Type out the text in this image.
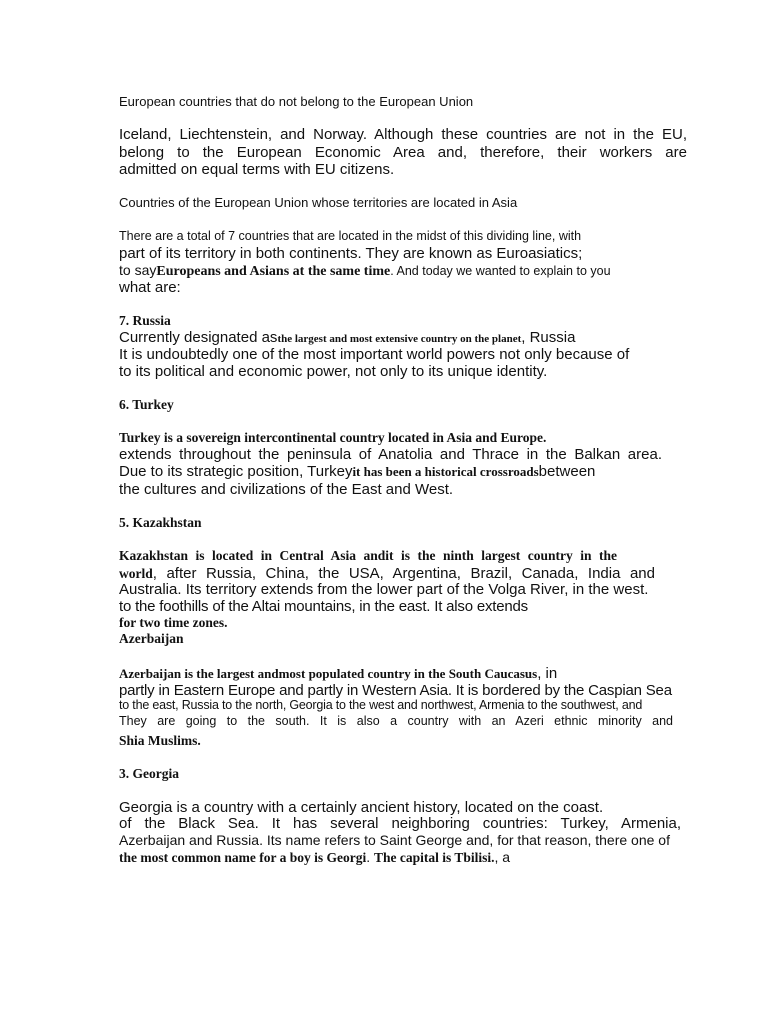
European countries that do not belong to the European Union
Iceland, Liechtenstein, and Norway. Although these countries are not in the EU,
belong to the European Economic Area and, therefore, their workers are
admitted on equal terms with EU citizens.
Countries of the European Union whose territories are located in Asia
There are a total of 7 countries that are located in the midst of this dividing line, with
part of its territory in both continents. They are known as Euroasiatics;
to sayEuropeans and Asians at the same time. And today we wanted to explain to you
what are:
7. Russia
Currently designated asthe largest and most extensive country on the planet, Russia
It is undoubtedly one of the most important world powers not only because of
to its political and economic power, not only to its unique identity.
6. Turkey
Turkey is a sovereign intercontinental country located in Asia and Europe.
extends throughout the peninsula of Anatolia and Thrace in the Balkan area.
Due to its strategic position, Turkeyit has been a historical crossroadsbetween
the cultures and civilizations of the East and West.
5. Kazakhstan
Kazakhstan is located in Central Asia andit is the ninth largest country in the
world, after Russia, China, the USA, Argentina, Brazil, Canada, India and
Australia. Its territory extends from the lower part of the Volga River, in the west.
to the foothills of the Altai mountains, in the east. It also extends
for two time zones.
Azerbaijan
Azerbaijan is the largest andmost populated country in the South Caucasus, in
partly in Eastern Europe and partly in Western Asia. It is bordered by the Caspian Sea
to the east, Russia to the north, Georgia to the west and northwest, Armenia to the southwest, and
They are going to the south. It is also a country with an Azeri ethnic minority and
Shia Muslims.
3. Georgia
Georgia is a country with a certainly ancient history, located on the coast.
of the Black Sea. It has several neighboring countries: Turkey, Armenia,
Azerbaijan and Russia. Its name refers to Saint George and, for that reason, there one of
the most common name for a boy is Georgi. The capital is Tbilisi., a
